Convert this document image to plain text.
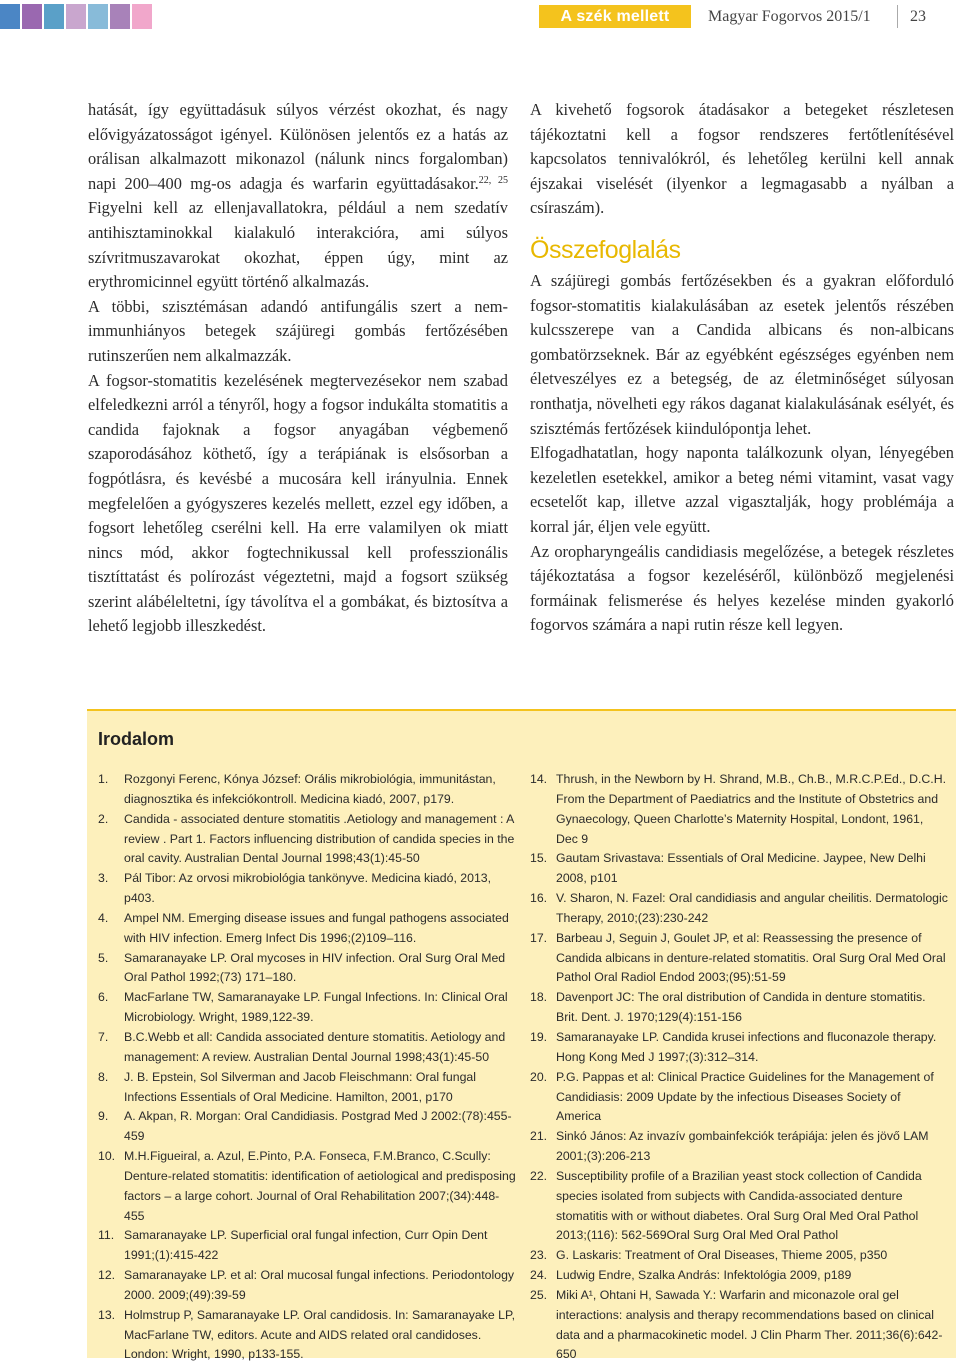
A szék mellett	Magyar Fogorvos 2015/1 23

hatását, így együttadásuk súlyos vérzést okozhat, és nagy elővigyázatosságot igényel. Különösen jelentős ez a hatás az orálisan alkalmazott mikonazol (nálunk nincs forgalomban) napi 200–400 mg-os adagja és warfarin együttadásakor.$^{22, 25}$ Figyelni kell az ellenjavallatokra, például a nem szedatív antihisztaminokkal kialakuló interakcióra, ami súlyos szívritmuszavarokat okozhat, éppen úgy, mint az erythromicinnel együtt történő alkalmazás.

A többi, szisztémásan adandó antifungális szert a nem-immunhiányos betegek szájüregi gombás fertőzésében rutinszerűen nem alkalmazzák.

A fogsor-stomatitis kezelésének megtervezésekor nem szabad elfeledkezni arról a tényről, hogy a fogsor indukálta stomatitis a candida fajoknak a fogsor anyagában végbemenő szaporodásához köthető, így a terápiának is elsősorban a fogpótlásra, és kevésbé a mucosára kell irányulnia. Ennek megfelelően a gyógyszeres kezelés mellett, ezzel egy időben, a fogsort lehetőleg cserélni kell. Ha erre valamilyen ok miatt nincs mód, akkor fogtechnikussal kell professzionális tisztíttatást és polírozást végeztetni, majd a fogsort szükség szerint alábéleltetni, így távolítva el a gombákat, és biztosítva a lehető legjobb illeszkedést.

A kivehető fogsorok átadásakor a betegeket részletesen tájékoztatni kell a fogsor rendszeres fertőtlenítésével kapcsolatos tennivalókról, és lehetőleg kerülni kell annak éjszakai viselését (ilyenkor a legmagasabb a nyálban a csíraszám).

Összefoglalás

A szájüregi gombás fertőzésekben és a gyakran előforduló fogsor-stomatitis kialakulásában az esetek jelentős részében kulcsszerepe van a Candida albicans és non-albicans gombatörzseknek. Bár az egyébként egészséges egyénben nem életveszélyes ez a betegség, de az életminőséget súlyosan ronthatja, növelheti egy rákos daganat kialakulásának esélyét, és szisztémás fertőzések kiindulópontja lehet.

Elfogadhatatlan, hogy naponta találkozunk olyan, lényegében kezeletlen esetekkel, amikor a beteg némi vitamint, vasat vagy ecsetelőt kap, illetve azzal vigasztalják, hogy problémája a korral jár, éljen vele együtt.

Az oropharyngeális candidiasis megelőzése, a betegek részletes tájékoztatása a fogsor kezeléséről, különböző megjelenési formáinak felismerése és helyes kezelése minden gyakorló fogorvos számára a napi rutin része kell legyen.

Irodalom
1. Rozgonyi Ferenc, Kónya József: Orális mikrobiológia, immunitástan, diagnosztika és infekciókontroll. Medicina kiadó, 2007, p179.
2. Candida - associated denture stomatitis .Aetiology and management : A review . Part 1. Factors influencing distribution of candida species in the oral cavity. Australian Dental Journal 1998;43(1):45-50
3. Pál Tibor: Az orvosi mikrobiológia tankönyve. Medicina kiadó, 2013, p403.
4. Ampel NM. Emerging disease issues and fungal pathogens associated with HIV infection. Emerg Infect Dis 1996;(2)109–116.
5. Samaranayake LP. Oral mycoses in HIV infection. Oral Surg Oral Med Oral Pathol 1992;(73) 171–180.
6. MacFarlane TW, Samaranayake LP. Fungal Infections. In: Clinical Oral Microbiology. Wright, 1989,122-39.
7. B.C.Webb et all: Candida associated denture stomatitis. Aetiology and management: A review. Australian Dental Journal 1998;43(1):45-50
8. J. B. Epstein, Sol Silverman and Jacob Fleischmann: Oral fungal Infections Essentials of Oral Medicine. Hamilton, 2001, p170
9. A. Akpan, R. Morgan: Oral Candidiasis. Postgrad Med J 2002:(78):455-459
10. M.H.Figueiral, a. Azul, E.Pinto, P.A. Fonseca, F.M.Branco, C.Scully: Denture-related stomatitis: identification of aetiological and predisposing factors – a large cohort. Journal of Oral Rehabilitation 2007;(34):448-455
11. Samaranayake LP. Superficial oral fungal infection, Curr Opin Dent 1991;(1):415-422
12. Samaranayake LP. et al: Oral mucosal fungal infections. Periodontology 2000. 2009;(49):39-59
13. Holmstrup P, Samaranayake LP. Oral candidosis. In: Samaranayake LP, MacFarlane TW, editors. Acute and AIDS related oral candidoses. London: Wright, 1990, p133-155.
14. Thrush, in the Newborn by H. Shrand, M.B., Ch.B., M.R.C.P.Ed., D.C.H. From the Department of Paediatrics and the Institute of Obstetrics and Gynaecology, Queen Charlotte’s Maternity Hospital, Londont, 1961, Dec 9
15. Gautam Srivastava: Essentials of Oral Medicine. Jaypee, New Delhi 2008, p101
16. V. Sharon, N. Fazel: Oral candidiasis and angular cheilitis. Dermatologic Therapy, 2010;(23):230-242
17. Barbeau J, Seguin J, Goulet JP, et al: Reassessing the presence of Candida albicans in denture-related stomatitis. Oral Surg Oral Med Oral Pathol Oral Radiol Endod 2003;(95):51-59
18. Davenport JC: The oral distribution of Candida in denture stomatitis. Brit. Dent. J. 1970;129(4):151-156
19. Samaranayake LP. Candida krusei infections and fluconazole therapy. Hong Kong Med J 1997;(3):312–314.
20. P.G. Pappas et al: Clinical Practice Guidelines for the Management of Candidiasis: 2009 Update by the infectious Diseases Society of America
21. Sinkó János: Az invazív gombainfekciók terápiája: jelen és jövő LAM 2001;(3):206-213
22. Susceptibility profile of a Brazilian yeast stock collection of Candida species isolated from subjects with Candida-associated denture stomatitis with or without diabetes. Oral Surg Oral Med Oral Pathol 2013;(116): 562-569Oral Surg Oral Med Oral Pathol
23. G. Laskaris: Treatment of Oral Diseases, Thieme 2005, p350
24. Ludwig Endre, Szalka András: Infektológia 2009, p189
25. Miki A¹, Ohtani H, Sawada Y.: Warfarin and miconazole oral gel interactions: analysis and therapy recommendations based on clinical data and a pharmacokinetic model. J Clin Pharm Ther. 2011;36(6):642-650
